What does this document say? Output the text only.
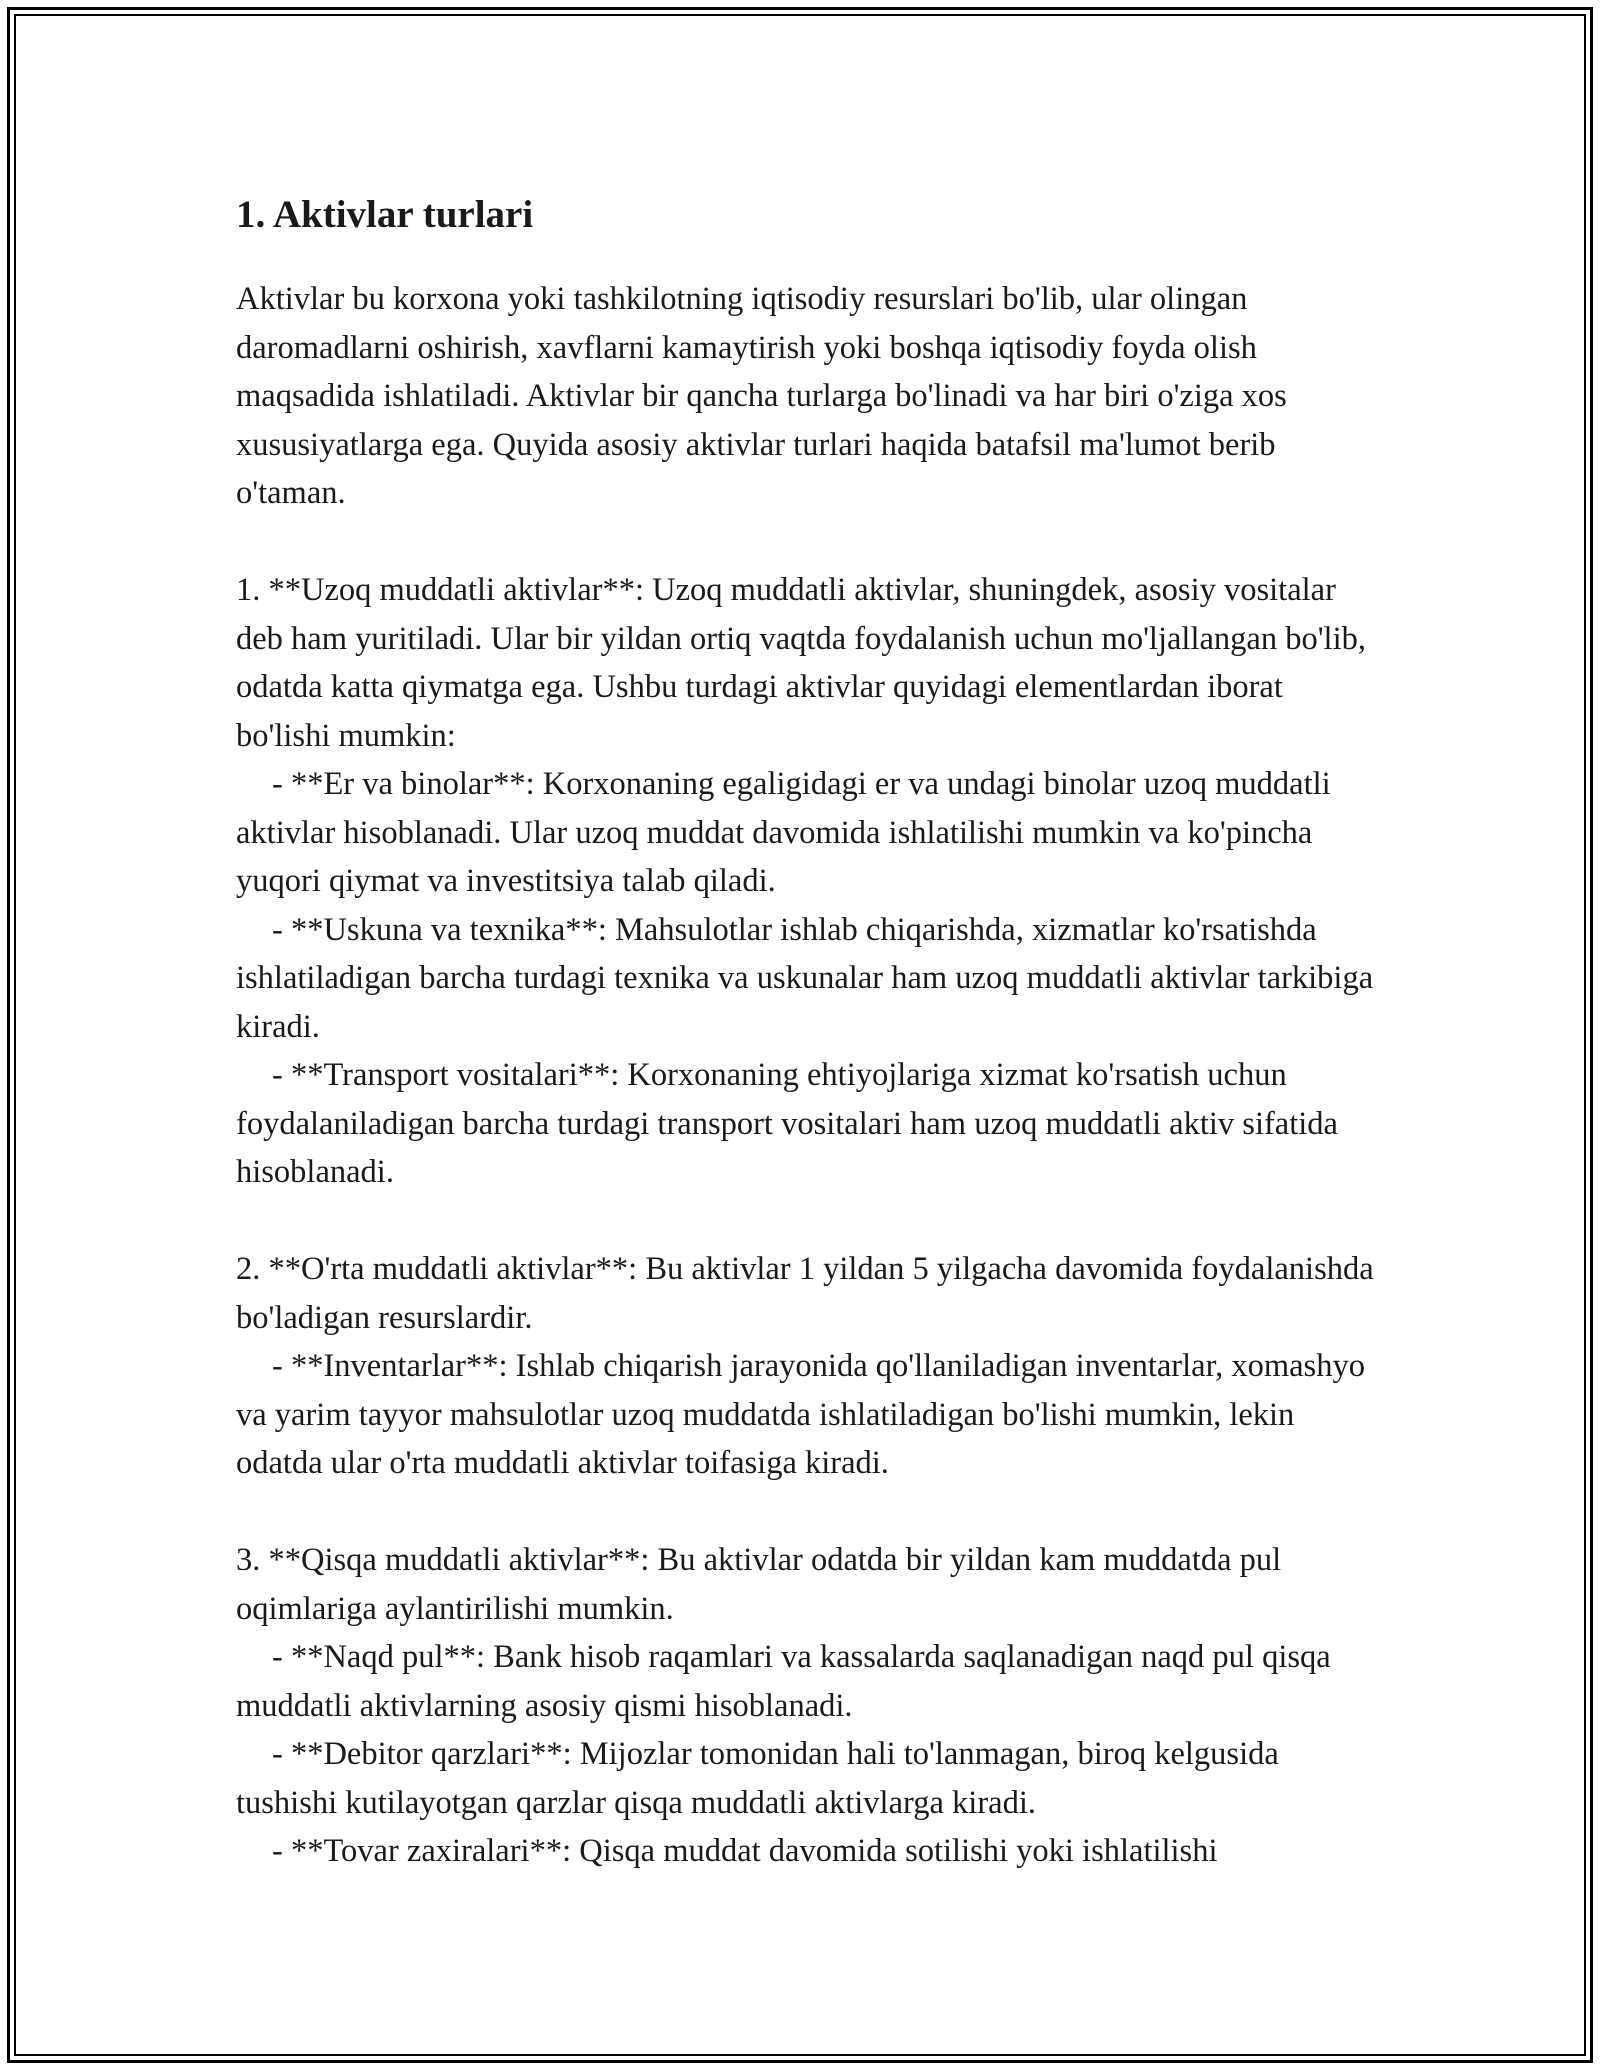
1. Aktivlar turlari

Aktivlar bu korxona yoki tashkilotning iqtisodiy resurslari bo'lib, ular olingan daromadlarni oshirish, xavflarni kamaytirish yoki boshqa iqtisodiy foyda olish maqsadida ishlatiladi. Aktivlar bir qancha turlarga bo'linadi va har biri o'ziga xos xususiyatlarga ega. Quyida asosiy aktivlar turlari haqida batafsil ma'lumot berib o'taman.

1. **Uzoq muddatli aktivlar**: Uzoq muddatli aktivlar, shuningdek, asosiy vositalar deb ham yuritiladi. Ular bir yildan ortiq vaqtda foydalanish uchun mo'ljallangan bo'lib, odatda katta qiymatga ega. Ushbu turdagi aktivlar quyidagi elementlardan iborat bo'lishi mumkin:

- **Er va binolar**: Korxonaning egaligidagi er va undagi binolar uzoq muddatli aktivlar hisoblanadi. Ular uzoq muddat davomida ishlatilishi mumkin va ko'pincha yuqori qiymat va investitsiya talab qiladi.

- **Uskuna va texnika**: Mahsulotlar ishlab chiqarishda, xizmatlar ko'rsatishda ishlatiladigan barcha turdagi texnika va uskunalar ham uzoq muddatli aktivlar tarkibiga kiradi.

- **Transport vositalari**: Korxonaning ehtiyojlariga xizmat ko'rsatish uchun foydalaniladigan barcha turdagi transport vositalari ham uzoq muddatli aktiv sifatida hisoblanadi.

2. **O'rta muddatli aktivlar**: Bu aktivlar 1 yildan 5 yilgacha davomida foydalanishda bo'ladigan resurslardir.

- **Inventarlar**: Ishlab chiqarish jarayonida qo'llaniladigan inventarlar, xomashyo va yarim tayyor mahsulotlar uzoq muddatda ishlatiladigan bo'lishi mumkin, lekin odatda ular o'rta muddatli aktivlar toifasiga kiradi.

3. **Qisqa muddatli aktivlar**: Bu aktivlar odatda bir yildan kam muddatda pul oqimlariga aylantirilishi mumkin.

- **Naqd pul**: Bank hisob raqamlari va kassalarda saqlanadigan naqd pul qisqa muddatli aktivlarning asosiy qismi hisoblanadi.

- **Debitor qarzlari**: Mijozlar tomonidan hali to'lanmagan, biroq kelgusida tushishi kutilayotgan qarzlar qisqa muddatli aktivlarga kiradi.

- **Tovar zaxiralari**: Qisqa muddat davomida sotilishi yoki ishlatilishi
